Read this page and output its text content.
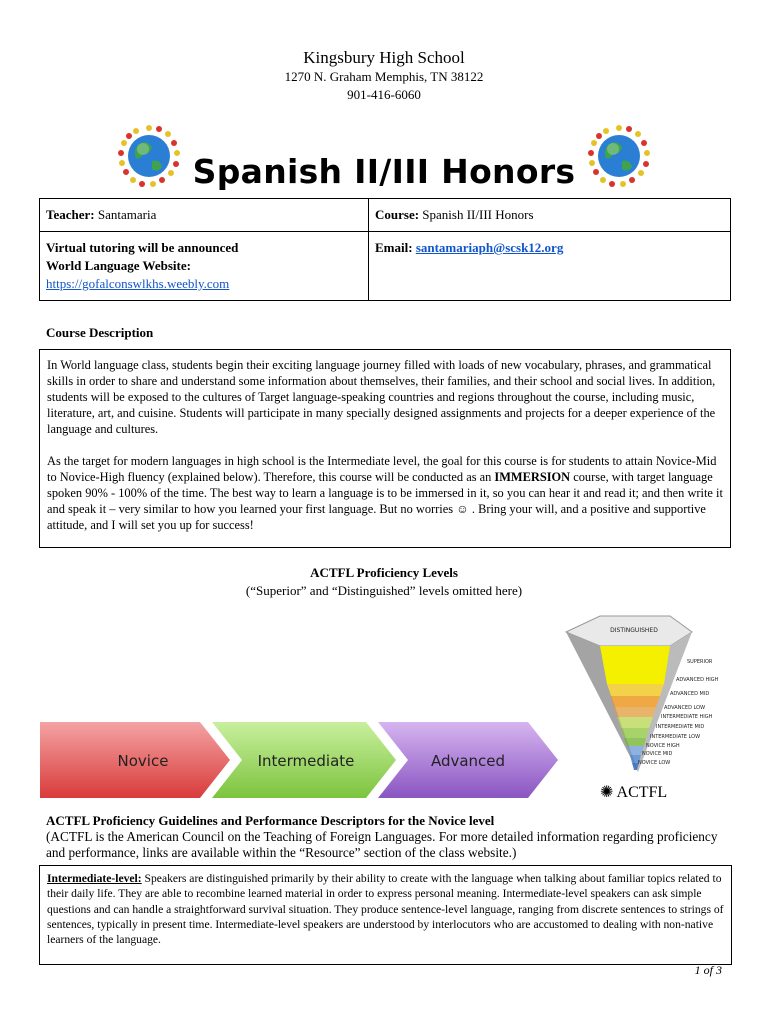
Kingsbury High School
1270 N. Graham Memphis, TN 38122
901-416-6060
Spanish II/III Honors
Teacher: Santamaria	Course: Spanish II/III Honors
Virtual tutoring will be announced
World Language Website:
https://gofalconswlkhs.weebly.com	Email: santamariaph@scsk12.org
Course Description

In World language class, students begin their exciting language journey filled with loads of new vocabulary, phrases, and grammatical skills in order to share and understand some information about themselves, their families, and their school and social lives. In addition, students will be exposed to the cultures of Target language-speaking countries and regions throughout the course, including music, literature, art, and cuisine. Students will participate in many specially designed assignments and projects for a deeper experience of the language and cultures.

As the target for modern languages in high school is the Intermediate level, the goal for this course is for students to attain Novice-Mid to Novice-High fluency (explained below). Therefore, this course will be conducted as an IMMERSION course, with target language spoken 90% - 100% of the time. The best way to learn a language is to be immersed in it, so you can hear it and read it; and then write it and speak it – very similar to how you learned your first language. But no worries ☺ . Bring your will, and a positive and supportive attitude, and I will set you up for success!

ACTFL Proficiency Levels
(“Superior” and “Distinguished” levels omitted here)
Novice	Intermediate	Advanced
DISTINGUISHED
SUPERIOR
ADVANCED HIGH
ADVANCED MID
ADVANCED LOW
INTERMEDIATE HIGH
INTERMEDIATE MID
INTERMEDIATE LOW
NOVICE HIGH
NOVICE MID
NOVICE LOW
✺ ACTFL
ACTFL Proficiency Guidelines and Performance Descriptors for the Novice level
(ACTFL is the American Council on the Teaching of Foreign Languages. For more detailed information regarding proficiency and performance, links are available within the “Resource” section of the class website.)
Intermediate-level: Speakers are distinguished primarily by their ability to create with the language when talking about familiar topics related to their daily life. They are able to recombine learned material in order to express personal meaning. Intermediate-level speakers can ask simple questions and can handle a straightforward survival situation. They produce sentence-level language, ranging from discrete sentences to strings of sentences, typically in present time. Intermediate-level speakers are understood by interlocutors who are accustomed to dealing with non-native learners of the language.
1 of 3
